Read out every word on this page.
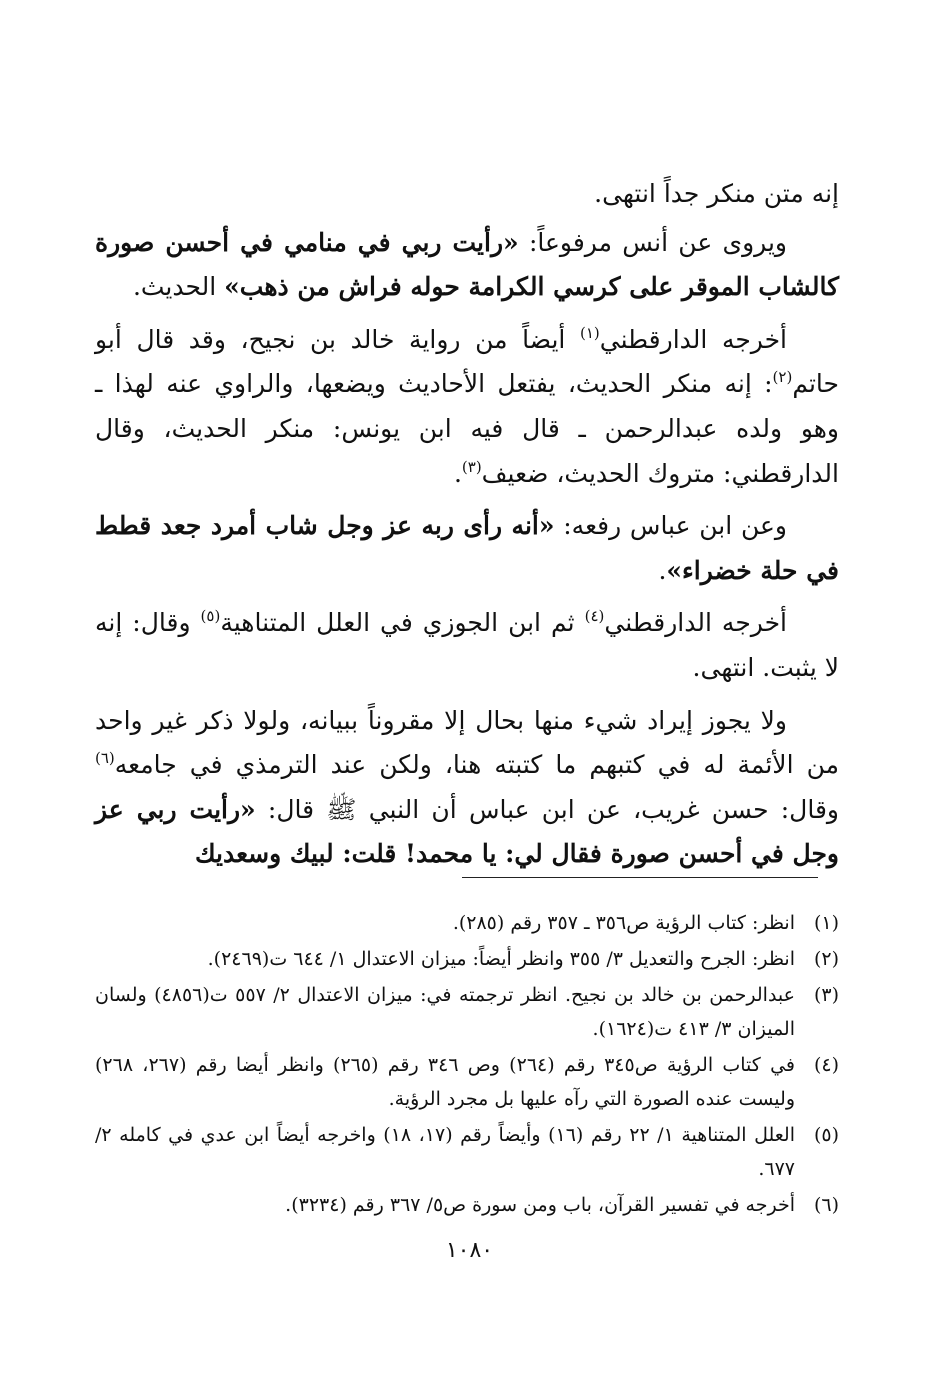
إنه متن منكر جداً انتهى.

ويروى عن أنس مرفوعاً: «رأيت ربي في منامي في أحسن صورة كالشاب الموقر على كرسي الكرامة حوله فراش من ذهب» الحديث.

أخرجه الدارقطني$^{(١)}$ أيضاً من رواية خالد بن نجيح، وقد قال أبو حاتم$^{(٢)}$: إنه منكر الحديث، يفتعل الأحاديث ويضعها، والراوي عنه لهذا ـ وهو ولده عبدالرحمن ـ قال فيه ابن يونس: منكر الحديث، وقال الدارقطني: متروك الحديث، ضعيف$^{(٣)}$.

وعن ابن عباس رفعه: «أنه رأى ربه عز وجل شاب أمرد جعد قطط في حلة خضراء».

أخرجه الدارقطني$^{(٤)}$ ثم ابن الجوزي في العلل المتناهية$^{(٥)}$ وقال: إنه لا يثبت. انتهى.

ولا يجوز إيراد شيء منها بحال إلا مقروناً ببيانه، ولولا ذكر غير واحد من الأئمة له في كتبهم ما كتبته هنا، ولكن عند الترمذي في جامعه$^{(٦)}$ وقال: حسن غريب، عن ابن عباس أن النبي ﷺ قال: «رأيت ربي عز وجل في أحسن صورة فقال لي: يا محمد! قلت: لبيك وسعديك

(١)
انظر: كتاب الرؤية ص٣٥٦ ـ ٣٥٧ رقم (٢٨٥).
(٢)
انظر: الجرح والتعديل ٣/ ٣٥٥ وانظر أيضاً: ميزان الاعتدال ١/ ٦٤٤ ت(٢٤٦٩).
(٣)
عبدالرحمن بن خالد بن نجيح. انظر ترجمته في: ميزان الاعتدال ٢/ ٥٥٧ ت(٤٨٥٦) ولسان الميزان ٣/ ٤١٣ ت(١٦٢٤).
(٤)
في كتاب الرؤية ص٣٤٥ رقم (٢٦٤) وص ٣٤٦ رقم (٢٦٥) وانظر أيضا رقم (٢٦٧، ٢٦٨) وليست عنده الصورة التي رآه عليها بل مجرد الرؤية.
(٥)
العلل المتناهية ١/ ٢٢ رقم (١٦) وأيضاً رقم (١٧، ١٨) واخرجه أيضاً ابن عدي في كامله ٢/ ٦٧٧.
(٦)
أخرجه في تفسير القرآن، باب ومن سورة ص٥/ ٣٦٧ رقم (٣٢٣٤).
١٠٨٠
